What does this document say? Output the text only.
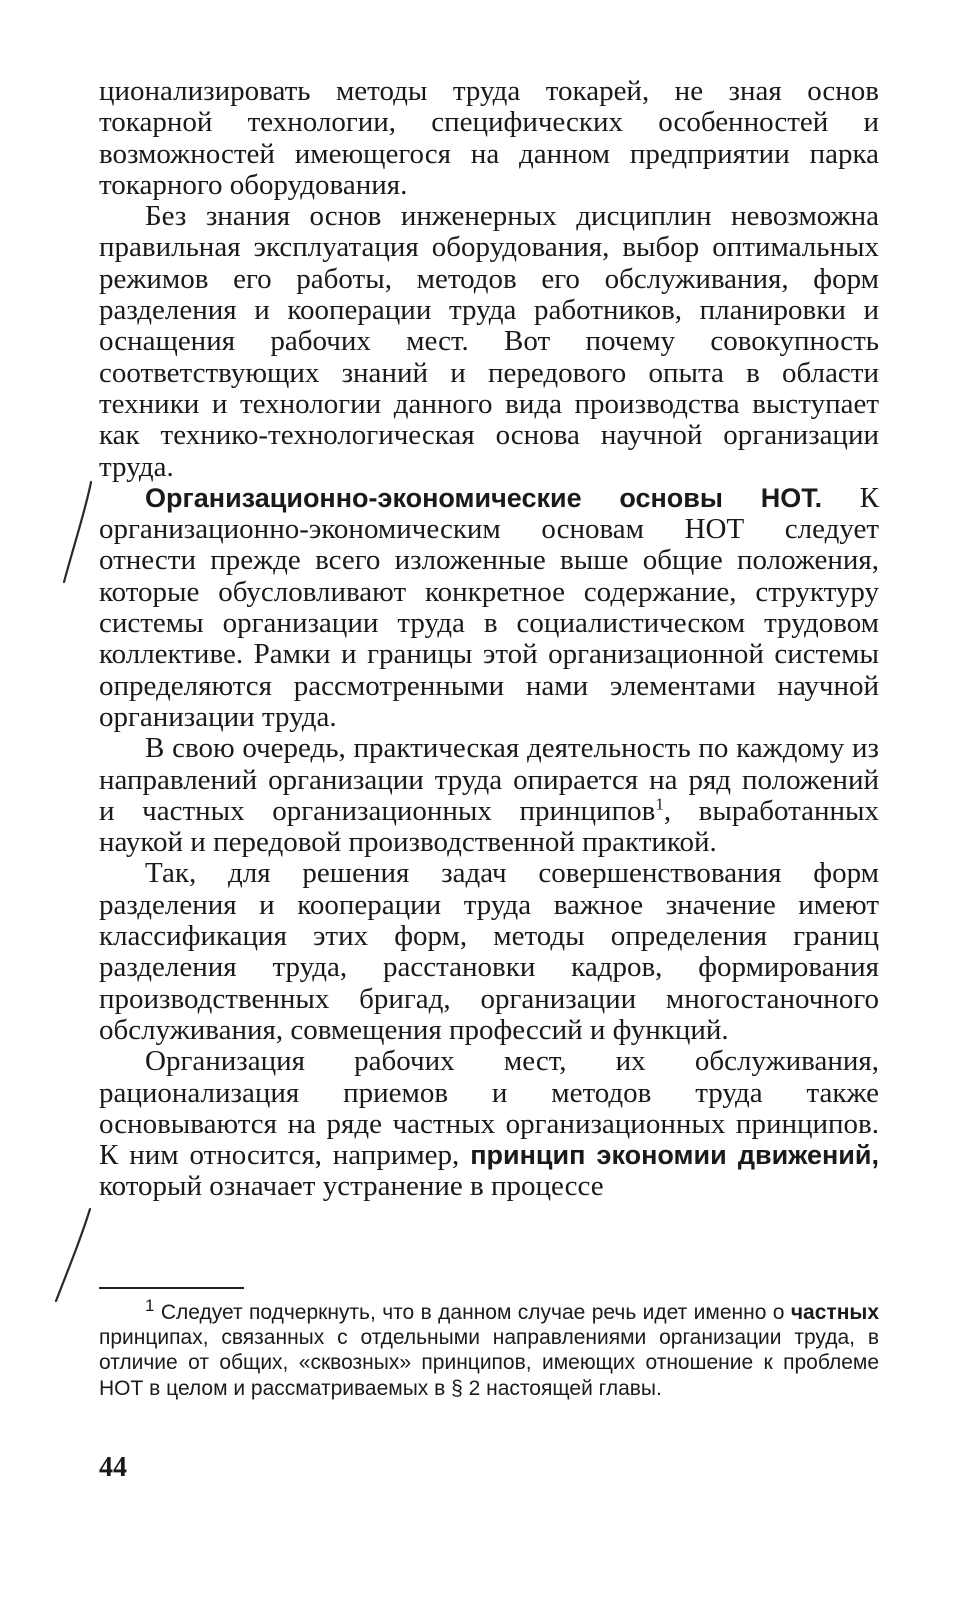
ционализировать методы труда токарей, не зная основ токарной технологии, специфических особенностей и возможностей имеющегося на данном предприятии парка токарного оборудования.

Без знания основ инженерных дисциплин невозможна правильная эксплуатация оборудования, выбор оптимальных режимов его работы, методов его обслуживания, форм разделения и кооперации труда работников, планировки и оснащения рабочих мест. Вот почему совокупность соответствующих знаний и передового опыта в области техники и технологии данного вида производства выступает как технико-технологическая основа научной организации труда.

Организационно-экономические основы НОТ. К организационно-экономическим основам НОТ следует отнести прежде всего изложенные выше общие положения, которые обусловливают конкретное содержание, структуру системы организации труда в социалистическом трудовом коллективе. Рамки и границы этой организационной системы определяются рассмотренными нами элементами научной организации труда.

В свою очередь, практическая деятельность по каждому из направлений организации труда опирается на ряд положений и частных организационных принципов$^1$, выработанных наукой и передовой производственной практикой.

Так, для решения задач совершенствования форм разделения и кооперации труда важное значение имеют классификация этих форм, методы определения границ разделения труда, расстановки кадров, формирования производственных бригад, организации многостаночного обслуживания, совмещения профессий и функций.

Организация рабочих мест, их обслуживания, рационализация приемов и методов труда также основываются на ряде частных организационных принципов. К ним относится, например, принцип экономии движений, который означает устранение в процессе

$^1$ Следует подчеркнуть, что в данном случае речь идет именно о частных принципах, связанных с отдельными направлениями организации труда, в отличие от общих, «сквозных» принципов, имеющих отношение к проблеме НОТ в целом и рассматриваемых в § 2 настоящей главы.

44
